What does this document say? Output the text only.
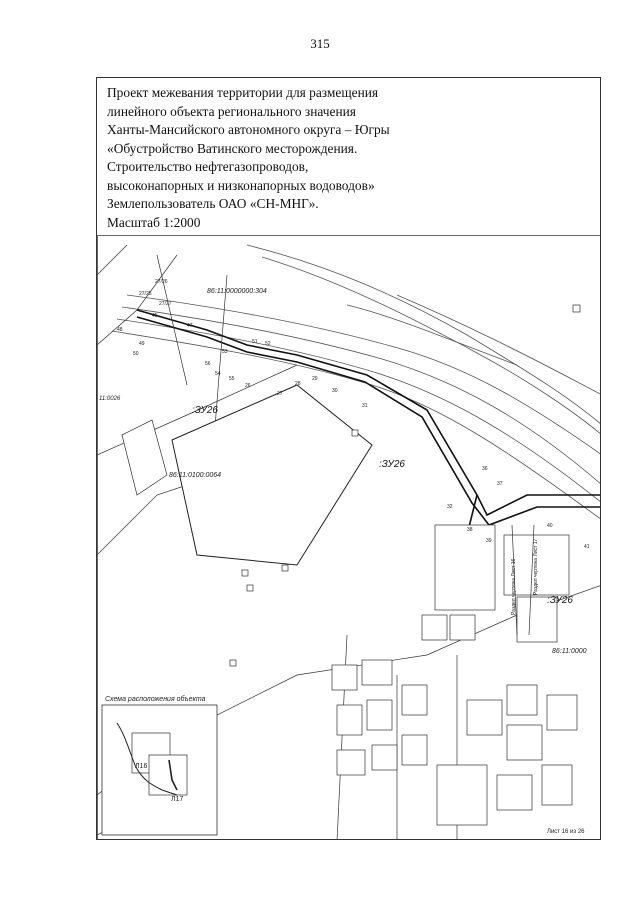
315
Проект межевания территории для размещения
линейного объекта регионального значения
Ханты-Мансийского автономного округа – Югры
«Обустройство Ватинского месторождения.
Строительство нефтегазопроводов,
высоконапорных и низконапорных водоводов»
Землепользователь ОАО «СН-МНГ».
Масштаб 1:2000
86:11:0000000:304
86:11:0100:0064
86:11:0000
11:0026
:ЗУ26
:ЗУ26
:ЗУ26
27/26
27/25
27/27
45
47
48
49
50
51 52
53
54
55
56
26
27
28
29
30
31
32
36
37
38
39
40
41
Раздел чертежа Лист 16	Раздел чертежа Лист 17
Схема расположения объекта
Л16
Л17
Лист 16 из 26
